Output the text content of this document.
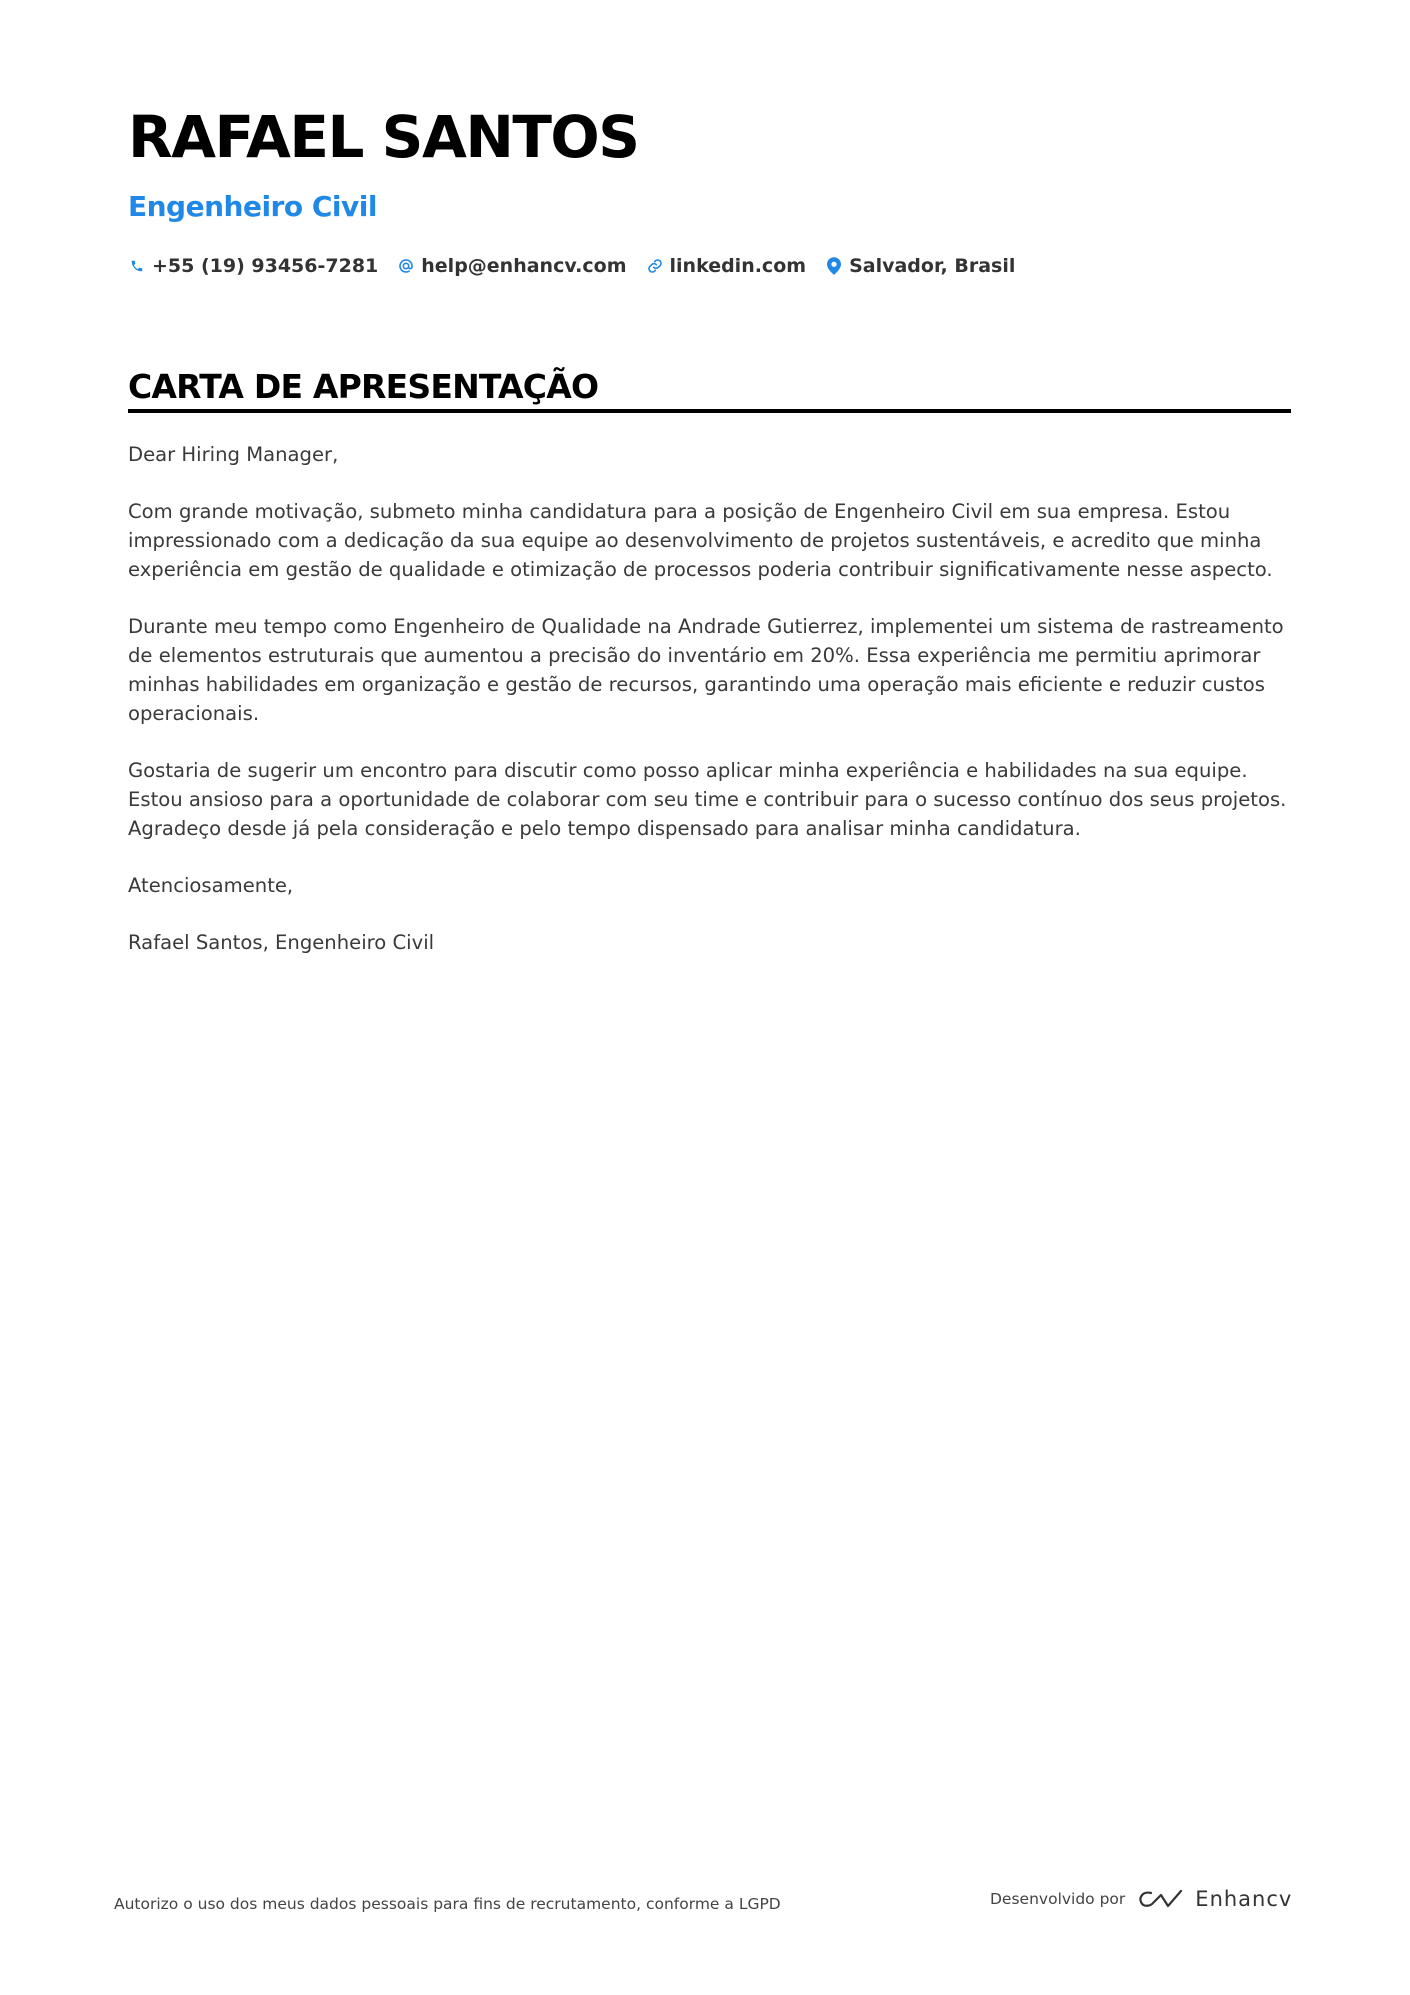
RAFAEL SANTOS
Engenheiro Civil
+55 (19) 93456-7281 help@enhancv.com linkedin.com Salvador, Brasil
CARTA DE APRESENTAÇÃO

Dear Hiring Manager,

Com grande motivação, submeto minha candidatura para a posição de Engenheiro Civil em sua empresa. Estou impressionado com a dedicação da sua equipe ao desenvolvimento de projetos sustentáveis, e acredito que minha experiência em gestão de qualidade e otimização de processos poderia contribuir significativamente nesse aspecto.

Durante meu tempo como Engenheiro de Qualidade na Andrade Gutierrez, implementei um sistema de rastreamento de elementos estruturais que aumentou a precisão do inventário em 20%. Essa experiência me permitiu aprimorar minhas habilidades em organização e gestão de recursos, garantindo uma operação mais eficiente e reduzir custos operacionais.

Gostaria de sugerir um encontro para discutir como posso aplicar minha experiência e habilidades na sua equipe. Estou ansioso para a oportunidade de colaborar com seu time e contribuir para o sucesso contínuo dos seus projetos. Agradeço desde já pela consideração e pelo tempo dispensado para analisar minha candidatura.

Atenciosamente,

Rafael Santos, Engenheiro Civil

Autorizo o uso dos meus dados pessoais para fins de recrutamento, conforme a LGPD	Desenvolvido por	Enhancv
